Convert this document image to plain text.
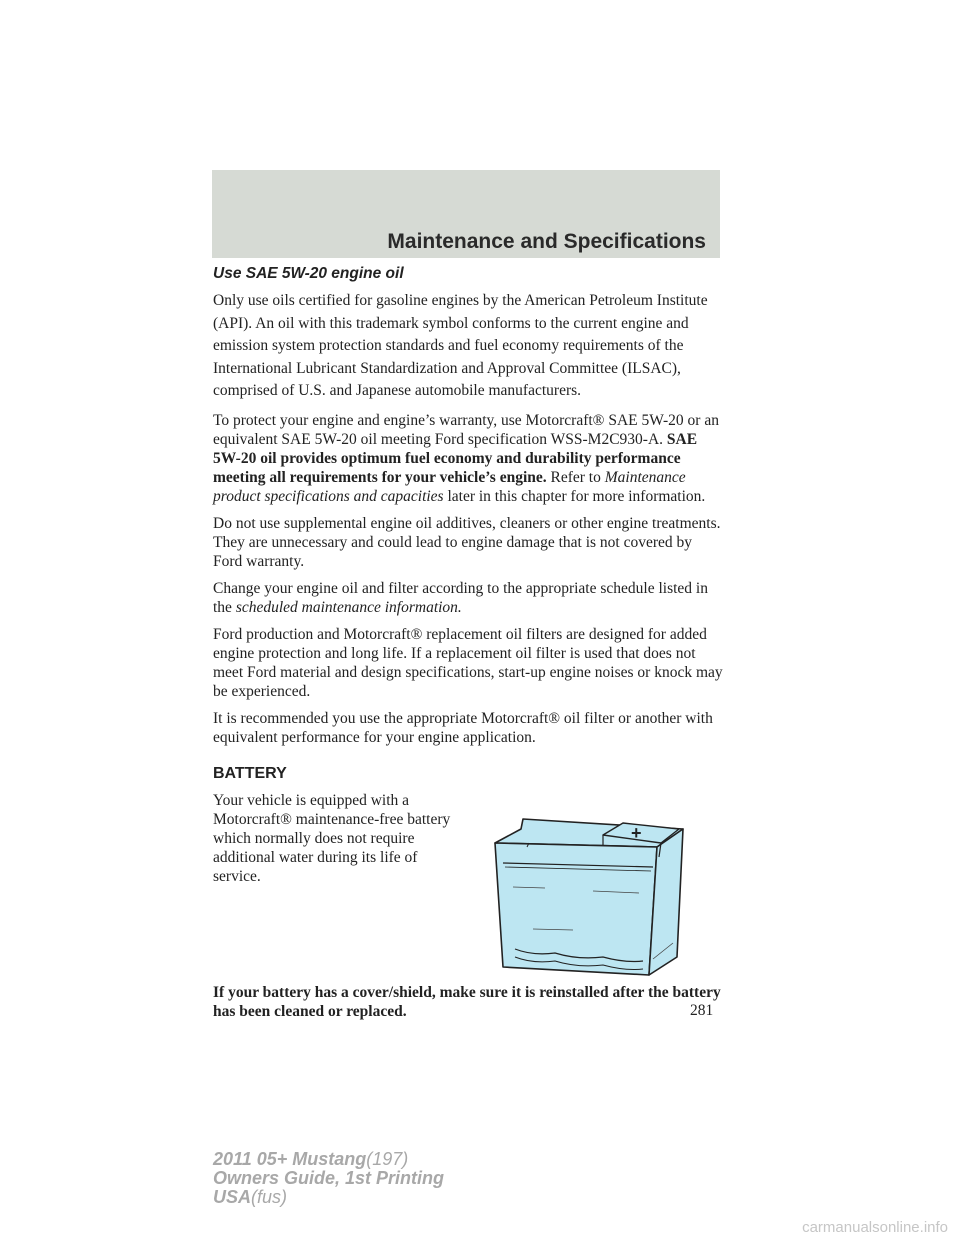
Maintenance and Specifications
Use SAE 5W-20 engine oil

Only use oils certified for gasoline engines by the American Petroleum Institute (API). An oil with this trademark symbol conforms to the current engine and emission system protection standards and fuel economy requirements of the International Lubricant Standardization and Approval Committee (ILSAC), comprised of U.S. and Japanese automobile manufacturers.

To protect your engine and engine’s warranty, use Motorcraft® SAE 5W-20 or an equivalent SAE 5W-20 oil meeting Ford specification WSS-M2C930-A. SAE 5W-20 oil provides optimum fuel economy and durability performance meeting all requirements for your vehicle’s engine. Refer to Maintenance product specifications and capacities later in this chapter for more information.

Do not use supplemental engine oil additives, cleaners or other engine treatments. They are unnecessary and could lead to engine damage that is not covered by Ford warranty.

Change your engine oil and filter according to the appropriate schedule listed in the scheduled maintenance information.

Ford production and Motorcraft® replacement oil filters are designed for added engine protection and long life. If a replacement oil filter is used that does not meet Ford material and design specifications, start-up engine noises or knock may be experienced.

It is recommended you use the appropriate Motorcraft® oil filter or another with equivalent performance for your engine application.

BATTERY

Your vehicle is equipped with a Motorcraft® maintenance-free battery which normally does not require additional water during its life of service.

+

If your battery has a cover/shield, make sure it is reinstalled after the battery has been cleaned or replaced.	281
2011 05+ Mustang(197)
Owners Guide, 1st Printing
USA(fus)
carmanualsonline.info
